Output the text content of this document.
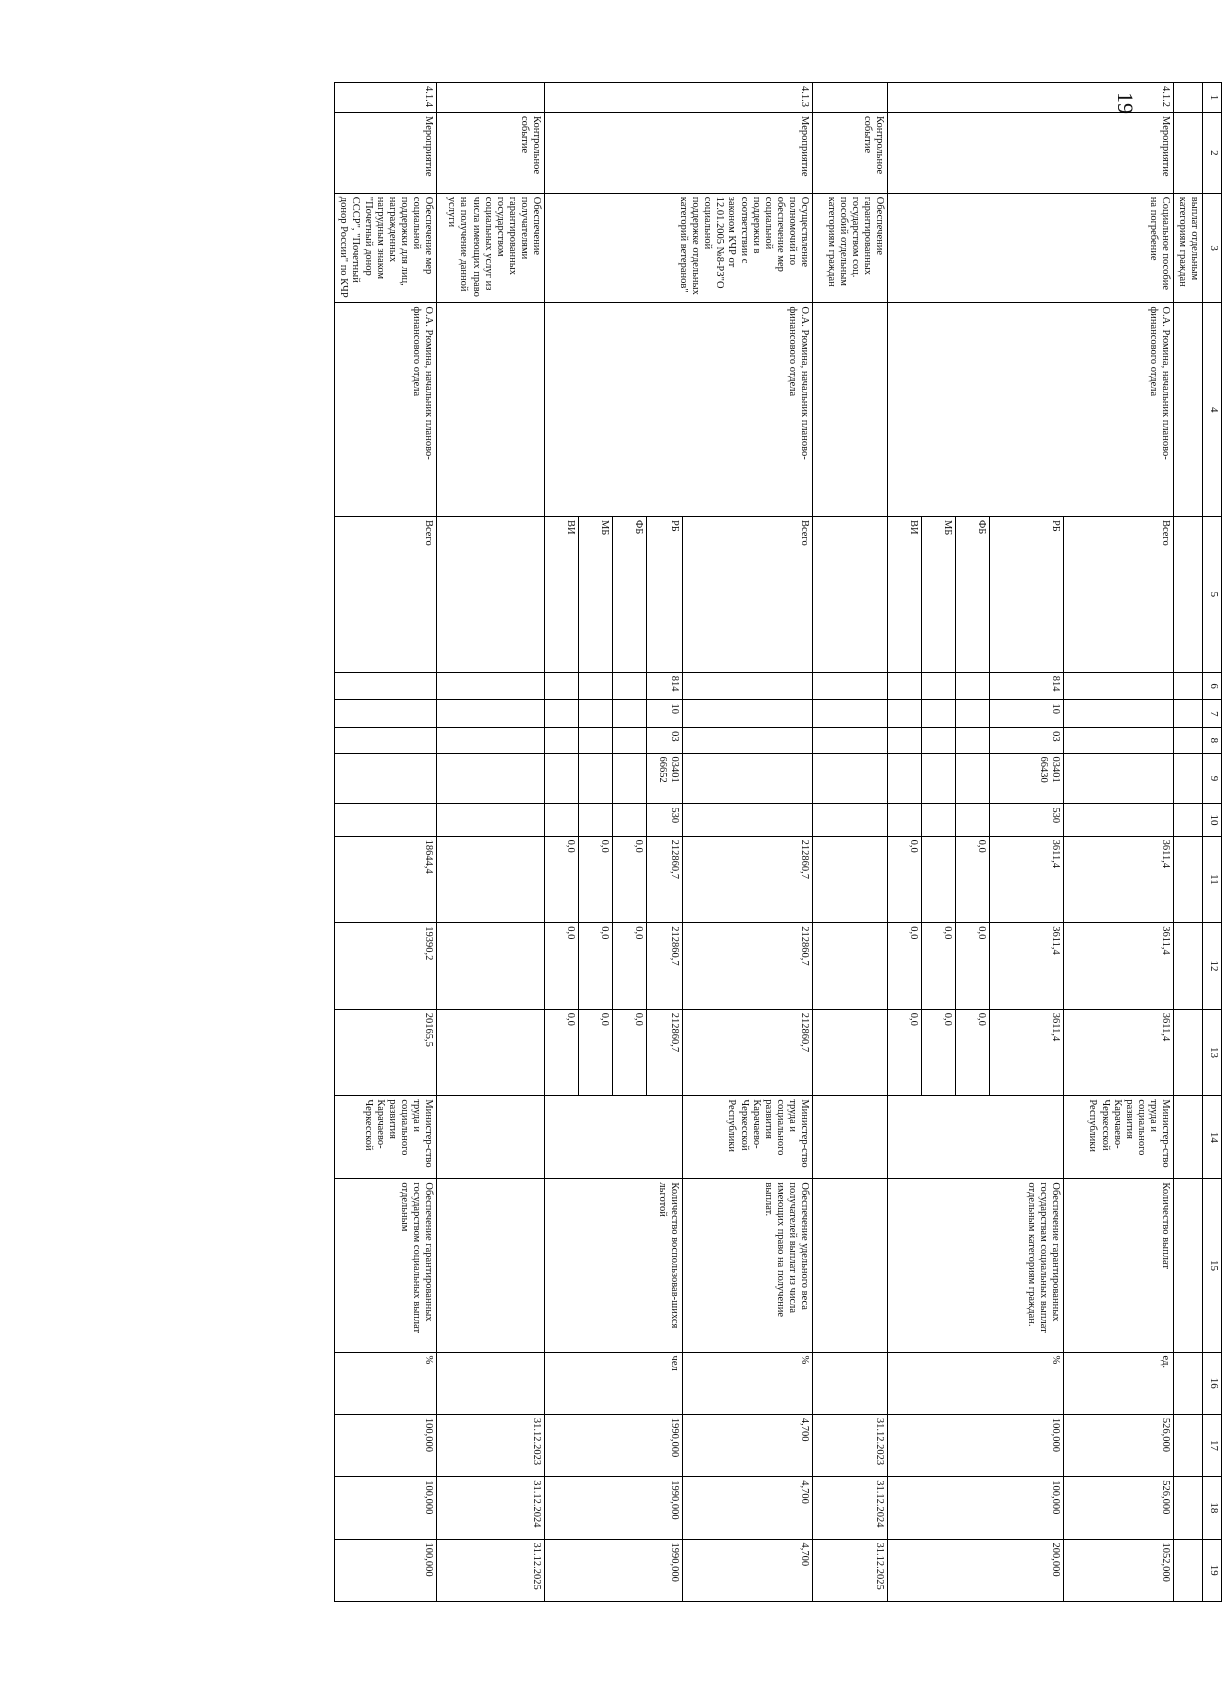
19	1	2	3	4	5	6	7	8	9	10	11	12	13	14	15	16	17	18	19
		выплат отдельным категориям граждан																
4.1.2	Мероприятие	Социальное пособие на погребение	О.А. Рюмина, начальник планово-финансового отдела	Всего						3611,4	3611,4	3611,4	Министер-ство труда и социального развития Карачаево-Черкесской Республики	Количество выплат	ед.	526,000	526,000	1052,000
				РБ	814	10	03	03401 66430	530	3611,4	3611,4	3611,4		Обеспечение гарантированных государствам социальных выплат отдельным категориям граждан.	%	100,000	100,000	200,000
				ФБ						0,0	0,0	0,0						
				МБ							0,0	0,0						
				ВИ						0,0	0,0	0,0						
	Контрольное событие	Обеспечение гарантированных государством соц. пособий отдельным категориям граждан														31.12.2023	31.12.2024	31.12.2025
4.1.3	Мероприятие	Осуществление полномочий по обеспечение мер социальной поддержки в соответствии с законом КЧР от 12.01.2005 №8-РЗ"О социальной поддержке отдельных категорий ветеранов"	О.А. Рюмина, начальник планово-финансового отдела	Всего						212860,7	212860,7	212860,7	Министер-ство труда и социального развития Карачаево-Черкесской Республики	Обеспечение удельного веса получателей выплат из числа имеющих право на получение выплат.	%	4,700	4,700	4,700
				РБ	814	10	03	03401 66652	530	212860,7	212860,7	212860,7		Количество воспользовав-шихся льготой	чел	1990,000	1990,000	1990,000
				ФБ						0,0	0,0	0,0						
				МБ						0,0	0,0	0,0						
				ВИ						0,0	0,0	0,0						
	Контрольное событие	Обеспечение получателями гарантированных государством социальных услуг из числа имеющих право на получение данной услуги														31.12.2023	31.12.2024	31.12.2025
4.1.4	Мероприятие	Обеспечение мер социальной поддержки для лиц, награжденных нагрудным знаком "Почетный донор СССР", "Почетный донор России" по КЧР	О.А. Рюмина, начальник планово-финансового отдела	Всего						18644,4	19390,2	20165,5	Министер-ство труда и социального развития Карачаево-Черкесской	Обеспечение гарантированных государством социальных выплат отдельным	%	100,000	100,000	100,000
